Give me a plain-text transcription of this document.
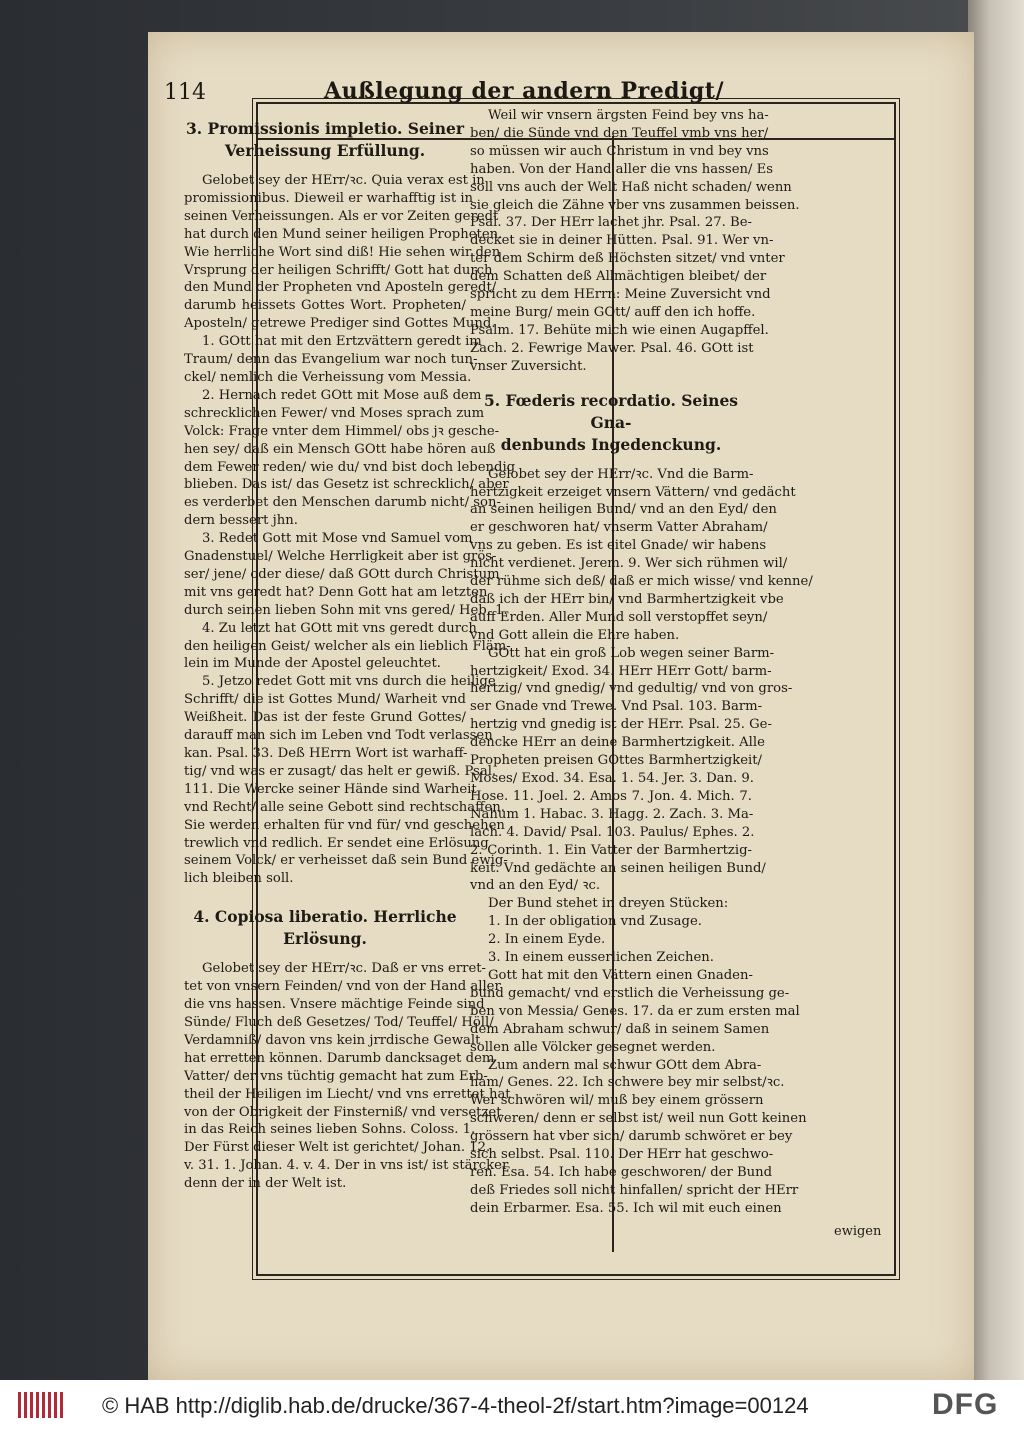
114	Außlegung der andern Predigt/
3. Promissionis impletio. Seiner
Verheissung Erfüllung.
Gelobet sey der HErr/ꝛc. Quia verax est in
promissionibus. Dieweil er warhafftig ist in
seinen Verheissungen. Als er vor Zeiten geredt
hat durch den Mund seiner heiligen Propheten.
Wie herrliche Wort sind diß! Hie sehen wir den
Vrsprung der heiligen Schrifft/ Gott hat durch
den Mund der Propheten vnd Aposteln geredt/
darumb heissets Gottes Wort. Propheten/
Aposteln/ getrewe Prediger sind Gottes Mund.
1. GOtt hat mit den Ertzvättern geredt im
Traum/ denn das Evangelium war noch tun-
ckel/ nemlich die Verheissung vom Messia.
2. Hernach redet GOtt mit Mose auß dem
schrecklichen Fewer/ vnd Moses sprach zum
Volck: Frage vnter dem Himmel/ obs jꝛ gesche-
hen sey/ daß ein Mensch GOtt habe hören auß
dem Fewer reden/ wie du/ vnd bist doch lebendig
blieben. Das ist/ das Gesetz ist schrecklich/ aber
es verderbet den Menschen darumb nicht/ son-
dern bessert jhn.
3. Redet Gott mit Mose vnd Samuel vom
Gnadenstuel/ Welche Herrligkeit aber ist grös-
ser/ jene/ oder diese/ daß GOtt durch Christum
mit vns geredt hat? Denn Gott hat am letzten
durch seinen lieben Sohn mit vns gered/ Heb. 1.
4. Zu letzt hat GOtt mit vns geredt durch
den heiligen Geist/ welcher als ein lieblich Fläm-
lein im Munde der Apostel geleuchtet.
5. Jetzo redet Gott mit vns durch die heilige
Schrifft/ die ist Gottes Mund/ Warheit vnd
Weißheit. Das ist der feste Grund Gottes/
darauff man sich im Leben vnd Todt verlassen
kan. Psal. 33. Deß HErrn Wort ist warhaff-
tig/ vnd was er zusagt/ das helt er gewiß. Psal.
111. Die Wercke seiner Hände sind Warheit
vnd Recht/ alle seine Gebott sind rechtschaffen.
Sie werden erhalten für vnd für/ vnd geschehen
trewlich vnd redlich. Er sendet eine Erlösung
seinem Volck/ er verheisset daß sein Bund ewig-
lich bleiben soll.
4. Copiosa liberatio. Herrliche
Erlösung.
Gelobet sey der HErr/ꝛc. Daß er vns erret-
tet von vnsern Feinden/ vnd von der Hand aller
die vns hassen. Vnsere mächtige Feinde sind
Sünde/ Fluch deß Gesetzes/ Tod/ Teuffel/ Höll/
Verdamniß/ davon vns kein jrrdische Gewalt
hat erretten können. Darumb dancksaget dem
Vatter/ der vns tüchtig gemacht hat zum Erb-
theil der Heiligen im Liecht/ vnd vns errettet hat
von der Obrigkeit der Finsterniß/ vnd versetzet
in das Reich seines lieben Sohns. Coloss. 1.
Der Fürst dieser Welt ist gerichtet/ Johan. 12.
v. 31. 1. Johan. 4. v. 4. Der in vns ist/ ist stärcker
denn der in der Welt ist.
Weil wir vnsern ärgsten Feind bey vns ha-
ben/ die Sünde vnd den Teuffel vmb vns her/
so müssen wir auch Christum in vnd bey vns
haben. Von der Hand aller die vns hassen/ Es
soll vns auch der Welt Haß nicht schaden/ wenn
sie gleich die Zähne vber vns zusammen beissen.
Psal. 37. Der HErr lachet jhr. Psal. 27. Be-
decket sie in deiner Hütten. Psal. 91. Wer vn-
ter dem Schirm deß Höchsten sitzet/ vnd vnter
dem Schatten deß Allmächtigen bleibet/ der
spricht zu dem HErrn: Meine Zuversicht vnd
meine Burg/ mein GOtt/ auff den ich hoffe.
Psalm. 17. Behüte mich wie einen Augapffel.
Zach. 2. Fewrige Mawer. Psal. 46. GOtt ist
vnser Zuversicht.
5. Fœderis recordatio. Seines Gna-
denbunds Ingedenckung.
Gelobet sey der HErr/ꝛc. Vnd die Barm-
hertzigkeit erzeiget vnsern Vättern/ vnd gedächt
an seinen heiligen Bund/ vnd an den Eyd/ den
er geschworen hat/ vnserm Vatter Abraham/
vns zu geben. Es ist eitel Gnade/ wir habens
nicht verdienet. Jerem. 9. Wer sich rühmen wil/
der rühme sich deß/ daß er mich wisse/ vnd kenne/
daß ich der HErr bin/ vnd Barmhertzigkeit vbe
auff Erden. Aller Mund soll verstopffet seyn/
vnd Gott allein die Ehre haben.
GOtt hat ein groß Lob wegen seiner Barm-
hertzigkeit/ Exod. 34. HErr HErr Gott/ barm-
hertzig/ vnd gnedig/ vnd gedultig/ vnd von gros-
ser Gnade vnd Trewe. Vnd Psal. 103. Barm-
hertzig vnd gnedig ist der HErr. Psal. 25. Ge-
dencke HErr an deine Barmhertzigkeit. Alle
Propheten preisen GOttes Barmhertzigkeit/
Moses/ Exod. 34. Esa. 1. 54. Jer. 3. Dan. 9.
Hose. 11. Joel. 2. Amos 7. Jon. 4. Mich. 7.
Nahum 1. Habac. 3. Hagg. 2. Zach. 3. Ma-
lach. 4. David/ Psal. 103. Paulus/ Ephes. 2.
2. Corinth. 1. Ein Vatter der Barmhertzig-
keit. Vnd gedächte an seinen heiligen Bund/
vnd an den Eyd/ ꝛc.
Der Bund stehet in dreyen Stücken:
1. In der obligation vnd Zusage.
2. In einem Eyde.
3. In einem eusserlichen Zeichen.
Gott hat mit den Vättern einen Gnaden-
bund gemacht/ vnd erstlich die Verheissung ge-
ben von Messia/ Genes. 17. da er zum ersten mal
dem Abraham schwur/ daß in seinem Samen
sollen alle Völcker gesegnet werden.
Zum andern mal schwur GOtt dem Abra-
ham/ Genes. 22. Ich schwere bey mir selbst/ꝛc.
Wer schwören wil/ muß bey einem grössern
schweren/ denn er selbst ist/ weil nun Gott keinen
grössern hat vber sich/ darumb schwöret er bey
sich selbst. Psal. 110. Der HErr hat geschwo-
ren. Esa. 54. Ich habe geschworen/ der Bund
deß Friedes soll nicht hinfallen/ spricht der HErr
dein Erbarmer. Esa. 55. Ich wil mit euch einen
ewigen
© HAB http://diglib.hab.de/drucke/367-4-theol-2f/start.htm?image=00124	DFG
